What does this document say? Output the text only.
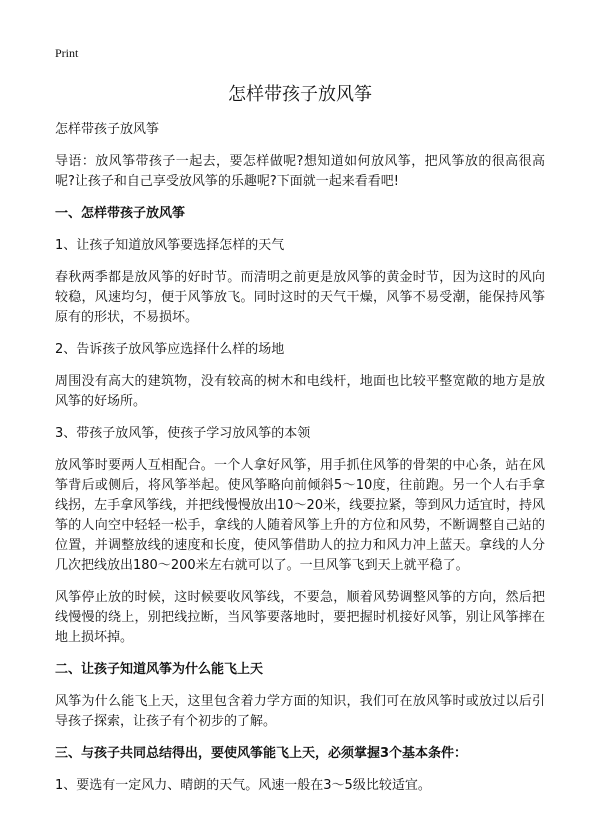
Print
怎样带孩子放风筝

怎样带孩子放风筝

导语：放风筝带孩子一起去，要怎样做呢?想知道如何放风筝，把风筝放的很高很高呢?让孩子和自己享受放风筝的乐趣呢?下面就一起来看看吧!

一、怎样带孩子放风筝

1、让孩子知道放风筝要选择怎样的天气

春秋两季都是放风筝的好时节。而清明之前更是放风筝的黄金时节，因为这时的风向较稳，风速均匀，便于风筝放飞。同时这时的天气干燥，风筝不易受潮，能保持风筝原有的形状，不易损坏。

2、告诉孩子放风筝应选择什么样的场地

周围没有高大的建筑物，没有较高的树木和电线杆，地面也比较平整宽敞的地方是放风筝的好场所。

3、带孩子放风筝，使孩子学习放风筝的本领

放风筝时要两人互相配合。一个人拿好风筝，用手抓住风筝的骨架的中心条，站在风筝背后或侧后，将风筝举起。使风筝略向前倾斜5～10度，往前跑。另一个人右手拿线拐，左手拿风筝线，并把线慢慢放出10～20米，线要拉紧，等到风力适宜时，持风筝的人向空中轻轻一松手，拿线的人随着风筝上升的方位和风势，不断调整自己站的位置，并调整放线的速度和长度，使风筝借助人的拉力和风力冲上蓝天。拿线的人分几次把线放出180～200米左右就可以了。一旦风筝飞到天上就平稳了。

风筝停止放的时候，这时候要收风筝线，不要急，顺着风势调整风筝的方向，然后把线慢慢的绕上，别把线拉断，当风筝要落地时，要把握时机接好风筝，别让风筝摔在地上损坏掉。

二、让孩子知道风筝为什么能飞上天

风筝为什么能飞上天，这里包含着力学方面的知识，我们可在放风筝时或放过以后引导孩子探索，让孩子有个初步的了解。

三、与孩子共同总结得出，要使风筝能飞上天，必须掌握3个基本条件：

1、要选有一定风力、晴朗的天气。风速一般在3～5级比较适宜。
